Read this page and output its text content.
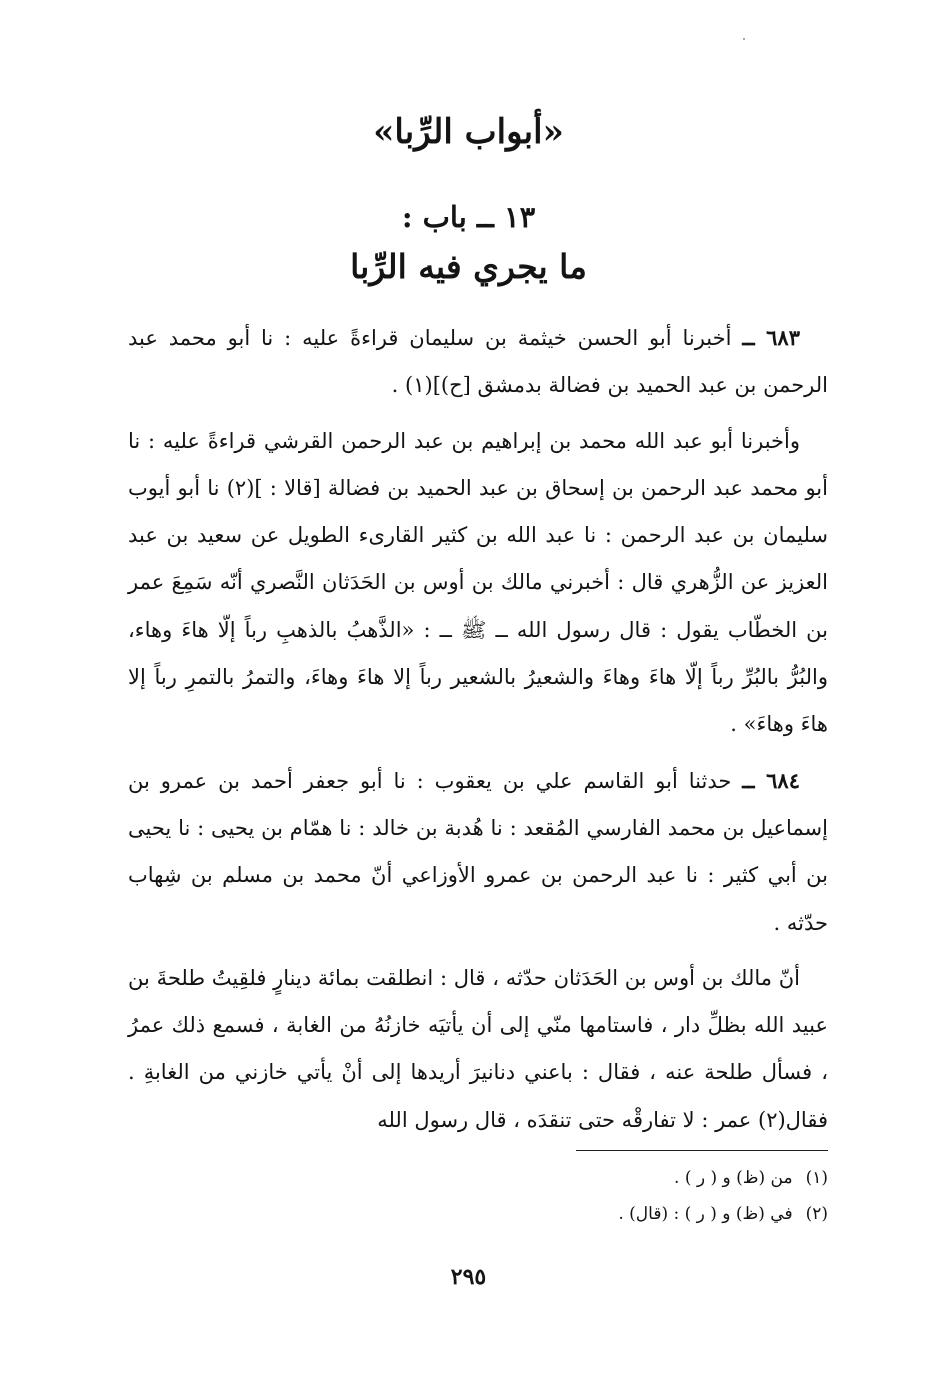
«أبواب الرِّبا»
١٣ ــ باب :
ما يجري فيه الرِّبا

٦٨٣ ــ أخبرنا أبو الحسن خيثمة بن سليمان قراءةً عليه : نا أبو محمد عبد الرحمن بن عبد الحميد بن فضالة بدمشق [ح)](١) .

وأخبرنا أبو عبد الله محمد بن إبراهيم بن عبد الرحمن القرشي قراءةً عليه : نا أبو محمد عبد الرحمن بن إسحاق بن عبد الحميد بن فضالة [قالا : ](٢) نا أبو أيوب سليمان بن عبد الرحمن : نا عبد الله بن كثير القارىء الطويل عن سعيد بن عبد العزيز عن الزُّهري قال : أخبرني مالك بن أوس بن الحَدَثان النَّصري أنّه سَمِعَ عمر بن الخطّاب يقول : قال رسول الله ــ ﷺ ــ : «الذَّهبُ بالذهبِ رباً إلّا هاءَ وهاء، والبُرُّ بالبُرِّ رباً إلّا هاءَ وهاءَ والشعيرُ بالشعير رباً إلا هاءَ وهاءَ، والتمرُ بالتمرِ رباً إلا هاءَ وهاءَ» .

٦٨٤ ــ حدثنا أبو القاسم علي بن يعقوب : نا أبو جعفر أحمد بن عمرو بن إسماعيل بن محمد الفارسي المُقعد : نا هُدبة بن خالد : نا همّام بن يحيى : نا يحيى بن أبي كثير : نا عبد الرحمن بن عمرو الأوزاعي أنّ محمد بن مسلم بن شِهاب حدّثه .

أنّ مالك بن أوس بن الحَدَثان حدّثه ، قال : انطلقت بمائة دينارٍ فلقِيتُ طلحةَ بن عبيد الله بظلِّ دار ، فاستامها منّي إلى أن يأتيَه خازنُهُ من الغابة ، فسمع ذلك عمرُ ، فسأل طلحة عنه ، فقال : باعني دنانيرَ أريدها إلى أنْ يأتي خازني من الغابةِ . فقال(٢) عمر : لا تفارقْه حتى تنقدَه ، قال رسول الله

(١) من (ظ) و ( ر ) .
(٢) في (ظ) و ( ر ) : (قال) .
٢٩٥
